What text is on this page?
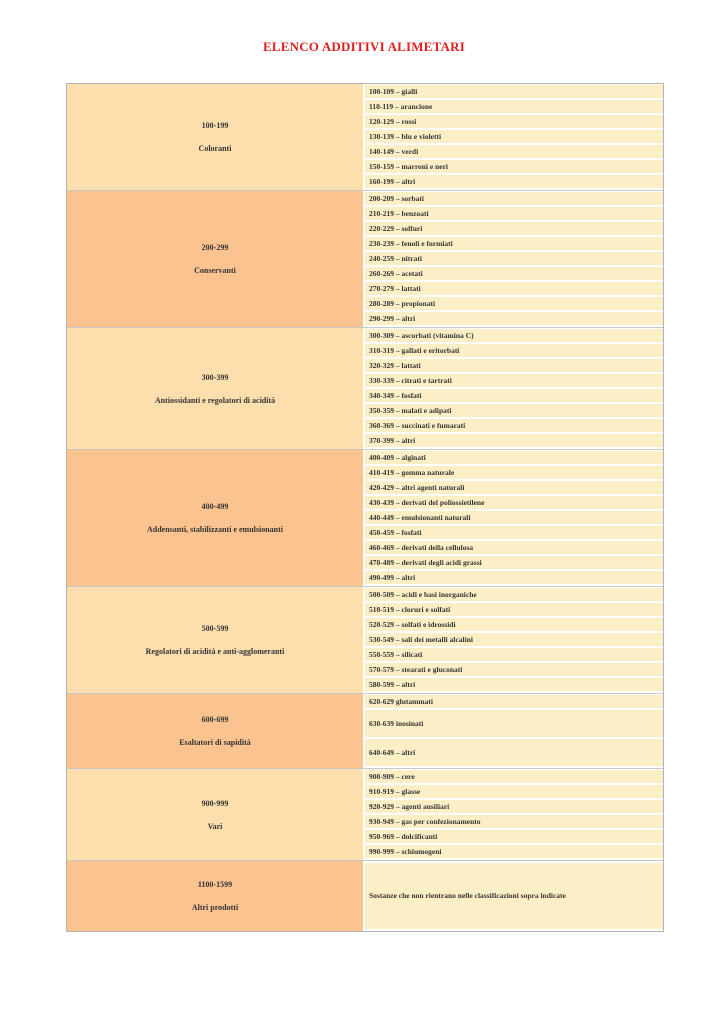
ELENCO ADDITIVI ALIMETARI
100-199
Coloranti
100-109 – gialli
110-119 – arancione
120-129 – rossi
130-139 – blu e violetti
140-149 – verdi
150-159 – marroni e neri
160-199 – altri
200-299
Conservanti
200-209 – sorbati
210-219 – benzoati
220-229 – solfuri
230-239 – fenoli e formiati
240-259 – nitrati
260-269 – acetati
270-279 – lattati
280-289 – propionati
290-299 – altri
300-399
Antiossidanti e regolatori di acidità
300-309 – ascorbati (vitamina C)
310-319 – gallati e eritorbati
320-329 – lattati
330-339 – citrati e tartrati
340-349 – fosfati
350-359 – malati e adipati
360-369 – succinati e fumarati
370-399 – altri
400-499
Addensanti, stabilizzanti e emulsionanti
400-409 – alginati
410-419 – gomma naturale
420-429 – altri agenti naturali
430-439 – derivati del poliossietilene
440-449 – emulsionanti naturali
450-459 – fosfati
460-469 – derivati della cellulosa
470-489 – derivati degli acidi grassi
490-499 – altri
500-599
Regolatori di acidità e anti-agglomeranti
500-509 – acidi e basi inorganiche
510-519 – cloruri e solfati
520-529 – solfati e idrossidi
530-549 – sali dei metalli alcalini
550-559 – silicati
570-579 – stearati e gluconati
580-599 – altri
600-699
Esaltatori di sapidità
620-629 glutammati
630-639 inosinati
640-649 – altri
900-999
Vari
900-909 – cere
910-919 – glasse
920-929 – agenti ausiliari
930-949 – gas per confezionamento
950-969 – dolcificanti
990-999 – schiumogeni
1100-1599
Altri prodotti
Sostanze che non rientrano nelle classificazioni sopra indicate
